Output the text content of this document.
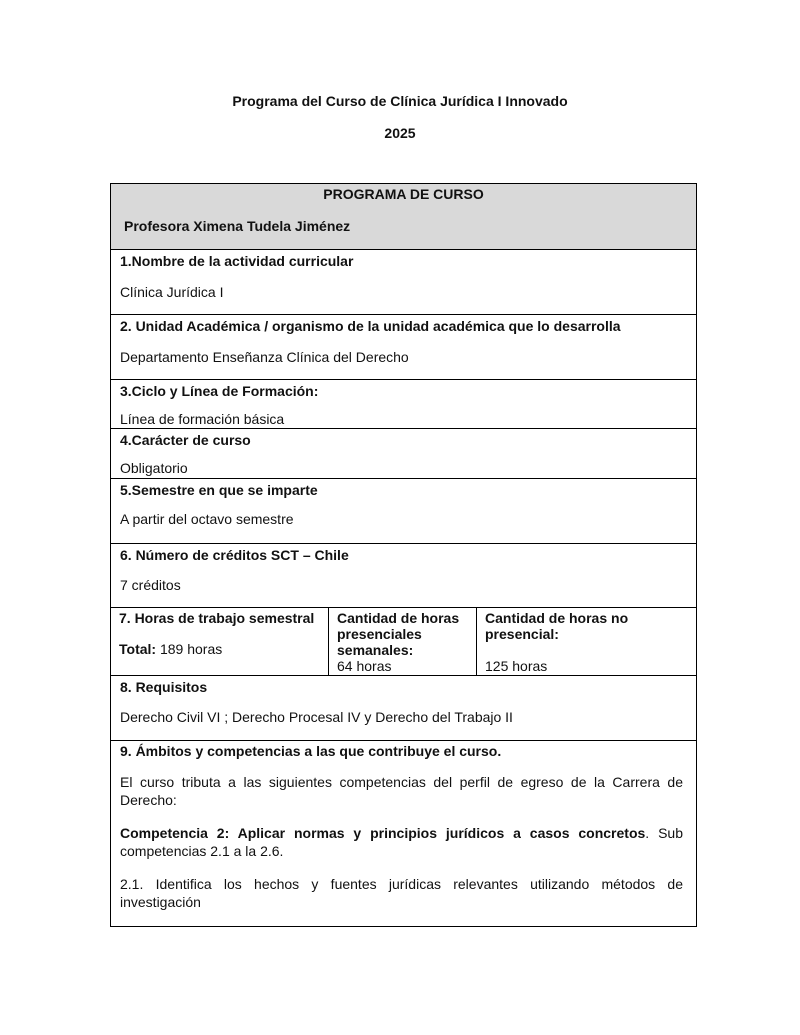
Programa del Curso de Clínica Jurídica I Innovado
2025
PROGRAMA DE CURSO
Profesora Ximena Tudela Jiménez
1.Nombre de la actividad curricular
Clínica Jurídica I
2. Unidad Académica / organismo de la unidad académica que lo desarrolla
Departamento Enseñanza Clínica del Derecho
3.Ciclo y Línea de Formación:
Línea de formación básica
4.Carácter de curso
Obligatorio
5.Semestre en que se imparte
A partir del octavo semestre
6. Número de créditos SCT – Chile
7 créditos
7. Horas de trabajo semestral
Total: 189 horas
Cantidad de horas
presenciales
semanales:
64 horas
Cantidad de horas no
presencial:
125 horas
8. Requisitos
Derecho Civil VI ; Derecho Procesal IV y Derecho del Trabajo II
9. Ámbitos y competencias a las que contribuye el curso.
El curso tributa a las siguientes competencias del perfil de egreso de la Carrera de Derecho:
Competencia 2: Aplicar normas y principios jurídicos a casos concretos. Sub competencias 2.1 a la 2.6.
2.1. Identifica los hechos y fuentes jurídicas relevantes utilizando métodos de investigación
